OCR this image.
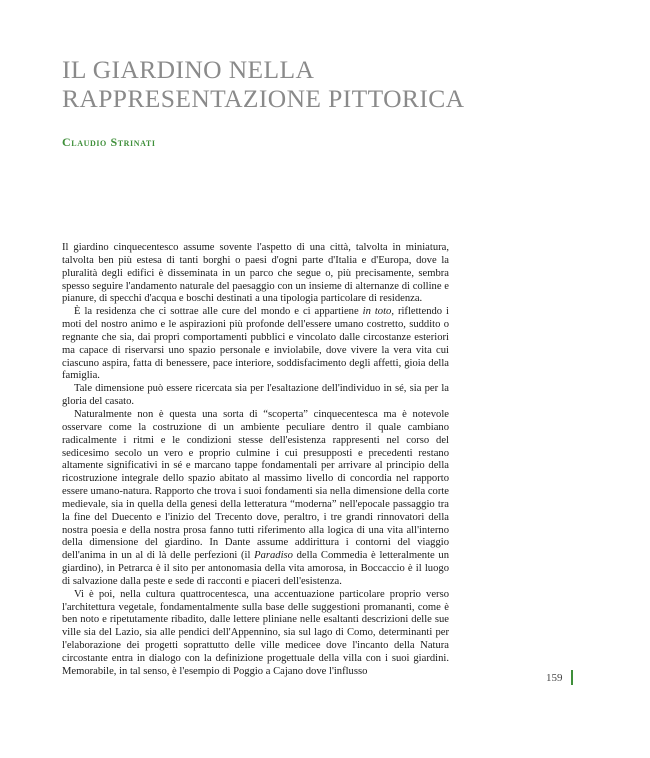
IL GIARDINO NELLA
RAPPRESENTAZIONE PITTORICA
Claudio Strinati

Il giardino cinquecentesco assume sovente l'aspetto di una città, talvolta in miniatura, talvolta ben più estesa di tanti borghi o paesi d'ogni parte d'Italia e d'Europa, dove la pluralità degli edifici è disseminata in un parco che segue o, più precisamente, sembra spesso seguire l'andamento naturale del paesaggio con un insieme di alternanze di colline e pianure, di specchi d'acqua e boschi destinati a una tipologia particolare di residenza.

È la residenza che ci sottrae alle cure del mondo e ci appartiene in toto, riflettendo i moti del nostro animo e le aspirazioni più profonde dell'essere umano costretto, suddito o regnante che sia, dai propri comportamenti pubblici e vincolato dalle circostanze esteriori ma capace di riservarsi uno spazio personale e inviolabile, dove vivere la vera vita cui ciascuno aspira, fatta di benessere, pace interiore, soddisfacimento degli affetti, gioia della famiglia.

Tale dimensione può essere ricercata sia per l'esaltazione dell'individuo in sé, sia per la gloria del casato.

Naturalmente non è questa una sorta di “scoperta” cinquecentesca ma è notevole osservare come la costruzione di un ambiente peculiare dentro il quale cambiano radicalmente i ritmi e le condizioni stesse dell'esistenza rappresenti nel corso del sedicesimo secolo un vero e proprio culmine i cui presupposti e precedenti restano altamente significativi in sé e marcano tappe fondamentali per arrivare al principio della ricostruzione integrale dello spazio abitato al massimo livello di concordia nel rapporto essere umano-natura. Rapporto che trova i suoi fondamenti sia nella dimensione della corte medievale, sia in quella della genesi della letteratura “moderna” nell'epocale passaggio tra la fine del Duecento e l'inizio del Trecento dove, peraltro, i tre grandi rinnovatori della nostra poesia e della nostra prosa fanno tutti riferimento alla logica di una vita all'interno della dimensione del giardino. In Dante assume addirittura i contorni del viaggio dell'anima in un al di là delle perfezioni (il Paradiso della Commedia è letteralmente un giardino), in Petrarca è il sito per antonomasia della vita amorosa, in Boccaccio è il luogo di salvazione dalla peste e sede di racconti e piaceri dell'esistenza.

Vi è poi, nella cultura quattrocentesca, una accentuazione particolare proprio verso l'architettura vegetale, fondamentalmente sulla base delle suggestioni promananti, come è ben noto e ripetutamente ribadito, dalle lettere pliniane nelle esaltanti descrizioni delle sue ville sia del Lazio, sia alle pendici dell'Appennino, sia sul lago di Como, determinanti per l'elaborazione dei progetti soprattutto delle ville medicee dove l'incanto della Natura circostante entra in dialogo con la definizione progettuale della villa con i suoi giardini. Memorabile, in tal senso, è l'esempio di Poggio a Cajano dove l'influsso

159
